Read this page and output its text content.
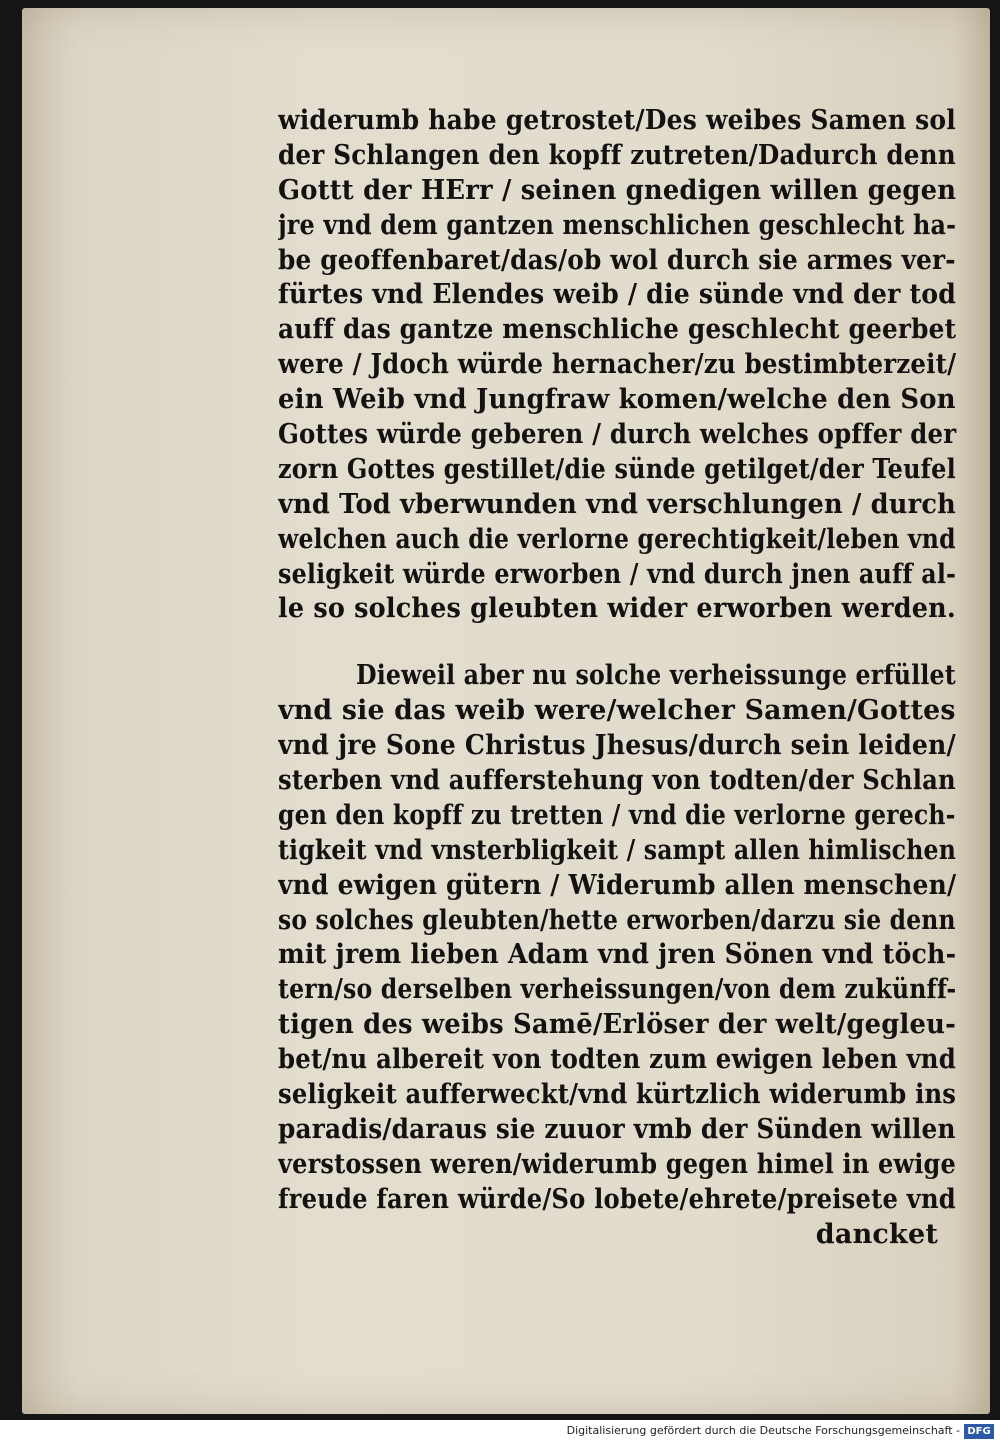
widerumb habe getrostet/Des weibes Samen sol
der Schlangen den kopff zutreten/Dadurch denn
Gottt der HErr / seinen gnedigen willen gegen
jre vnd dem gantzen menschlichen geschlecht ha-
be geoffenbaret/das/ob wol durch sie armes ver-
fürtes vnd Elendes weib / die sünde vnd der tod
auff das gantze menschliche geschlecht geerbet
were / Jdoch würde hernacher/zu bestimbterzeit/
ein Weib vnd Jungfraw komen/welche den Son
Gottes würde geberen / durch welches opffer der
zorn Gottes gestillet/die sünde getilget/der Teufel
vnd Tod vberwunden vnd verschlungen / durch
welchen auch die verlorne gerechtigkeit/leben vnd
seligkeit würde erworben / vnd durch jnen auff al-
le so solches gleubten wider erworben werden.
Dieweil aber nu solche verheissunge erfüllet
vnd sie das weib were/welcher Samen/Gottes
vnd jre Sone Christus Jhesus/durch sein leiden/
sterben vnd aufferstehung von todten/der Schlan
gen den kopff zu tretten / vnd die verlorne gerech-
tigkeit vnd vnsterbligkeit / sampt allen himlischen
vnd ewigen gütern / Widerumb allen menschen/
so solches gleubten/hette erworben/darzu sie denn
mit jrem lieben Adam vnd jren Sönen vnd töch-
tern/so derselben verheissungen/von dem zukünff-
tigen des weibs Samē/Erlöser der welt/gegleu-
bet/nu albereit von todten zum ewigen leben vnd
seligkeit aufferweckt/vnd kürtzlich widerumb ins
paradis/daraus sie zuuor vmb der Sünden willen
verstossen weren/widerumb gegen himel in ewige
freude faren würde/So lobete/ehrete/preisete vnd
dancket
Digitalisierung gefördert durch die Deutsche Forschungsgemeinschaft - DFG
